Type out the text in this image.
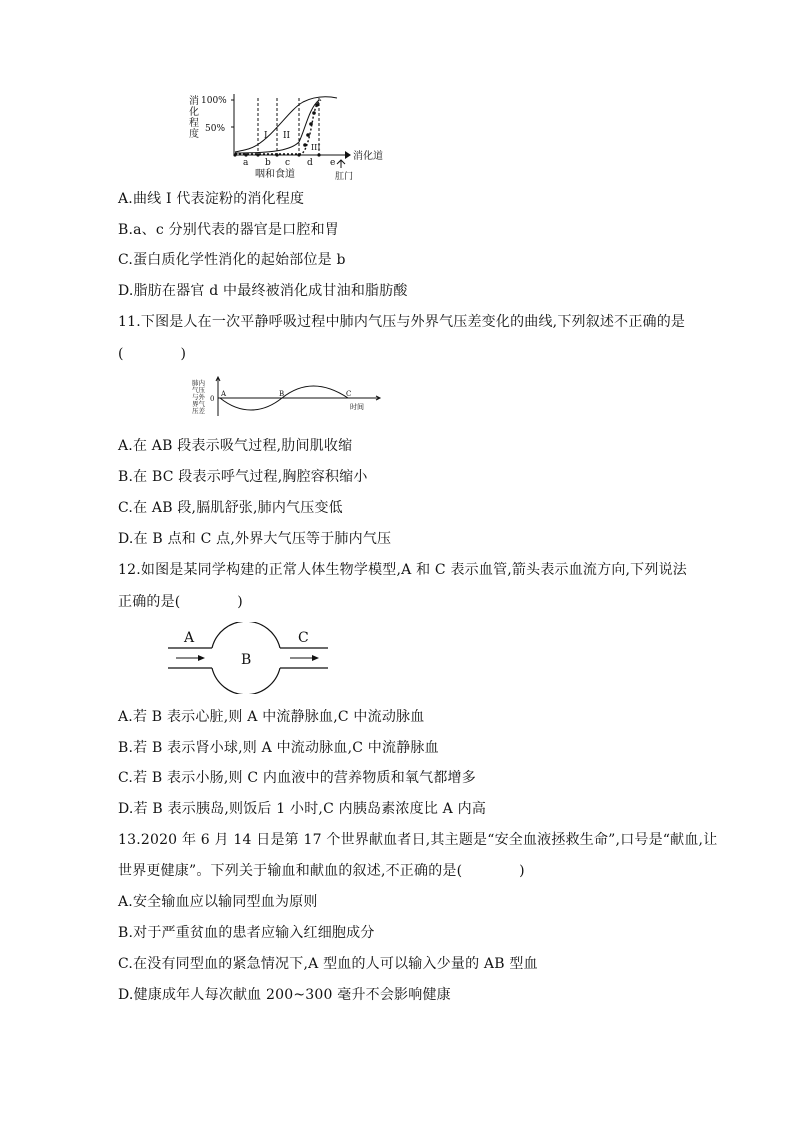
消
化
程
度
100%
50%
I II
III
a b c d e
消化道
咽和食道	肛门
A.曲线 I 代表淀粉的消化程度
B.a、c 分别代表的器官是口腔和胃
C.蛋白质化学性消化的起始部位是 b
D.脂肪在器官 d 中最终被消化成甘油和脂肪酸
11.下图是人在一次平静呼吸过程中肺内气压与外界气压差变化的曲线,下列叙述不正确的是
(　　　　)
肺内
气压
与外
界气
压差
0
A	B	C
时间
A.在 AB 段表示吸气过程,肋间肌收缩
B.在 BC 段表示呼气过程,胸腔容积缩小
C.在 AB 段,膈肌舒张,肺内气压变低
D.在 B 点和 C 点,外界大气压等于肺内气压
12.如图是某同学构建的正常人体生物学模型,A 和 C 表示血管,箭头表示血流方向,下列说法
正确的是(　　　　)
A
B
C
A.若 B 表示心脏,则 A 中流静脉血,C 中流动脉血
B.若 B 表示肾小球,则 A 中流动脉血,C 中流静脉血
C.若 B 表示小肠,则 C 内血液中的营养物质和氧气都增多
D.若 B 表示胰岛,则饭后 1 小时,C 内胰岛素浓度比 A 内高
13.2020 年 6 月 14 日是第 17 个世界献血者日,其主题是“安全血液拯救生命”,口号是“献血,让
世界更健康”。下列关于输血和献血的叙述,不正确的是(　　　　)
A.安全输血应以输同型血为原则
B.对于严重贫血的患者应输入红细胞成分
C.在没有同型血的紧急情况下,A 型血的人可以输入少量的 AB 型血
D.健康成年人每次献血 200~300 毫升不会影响健康
